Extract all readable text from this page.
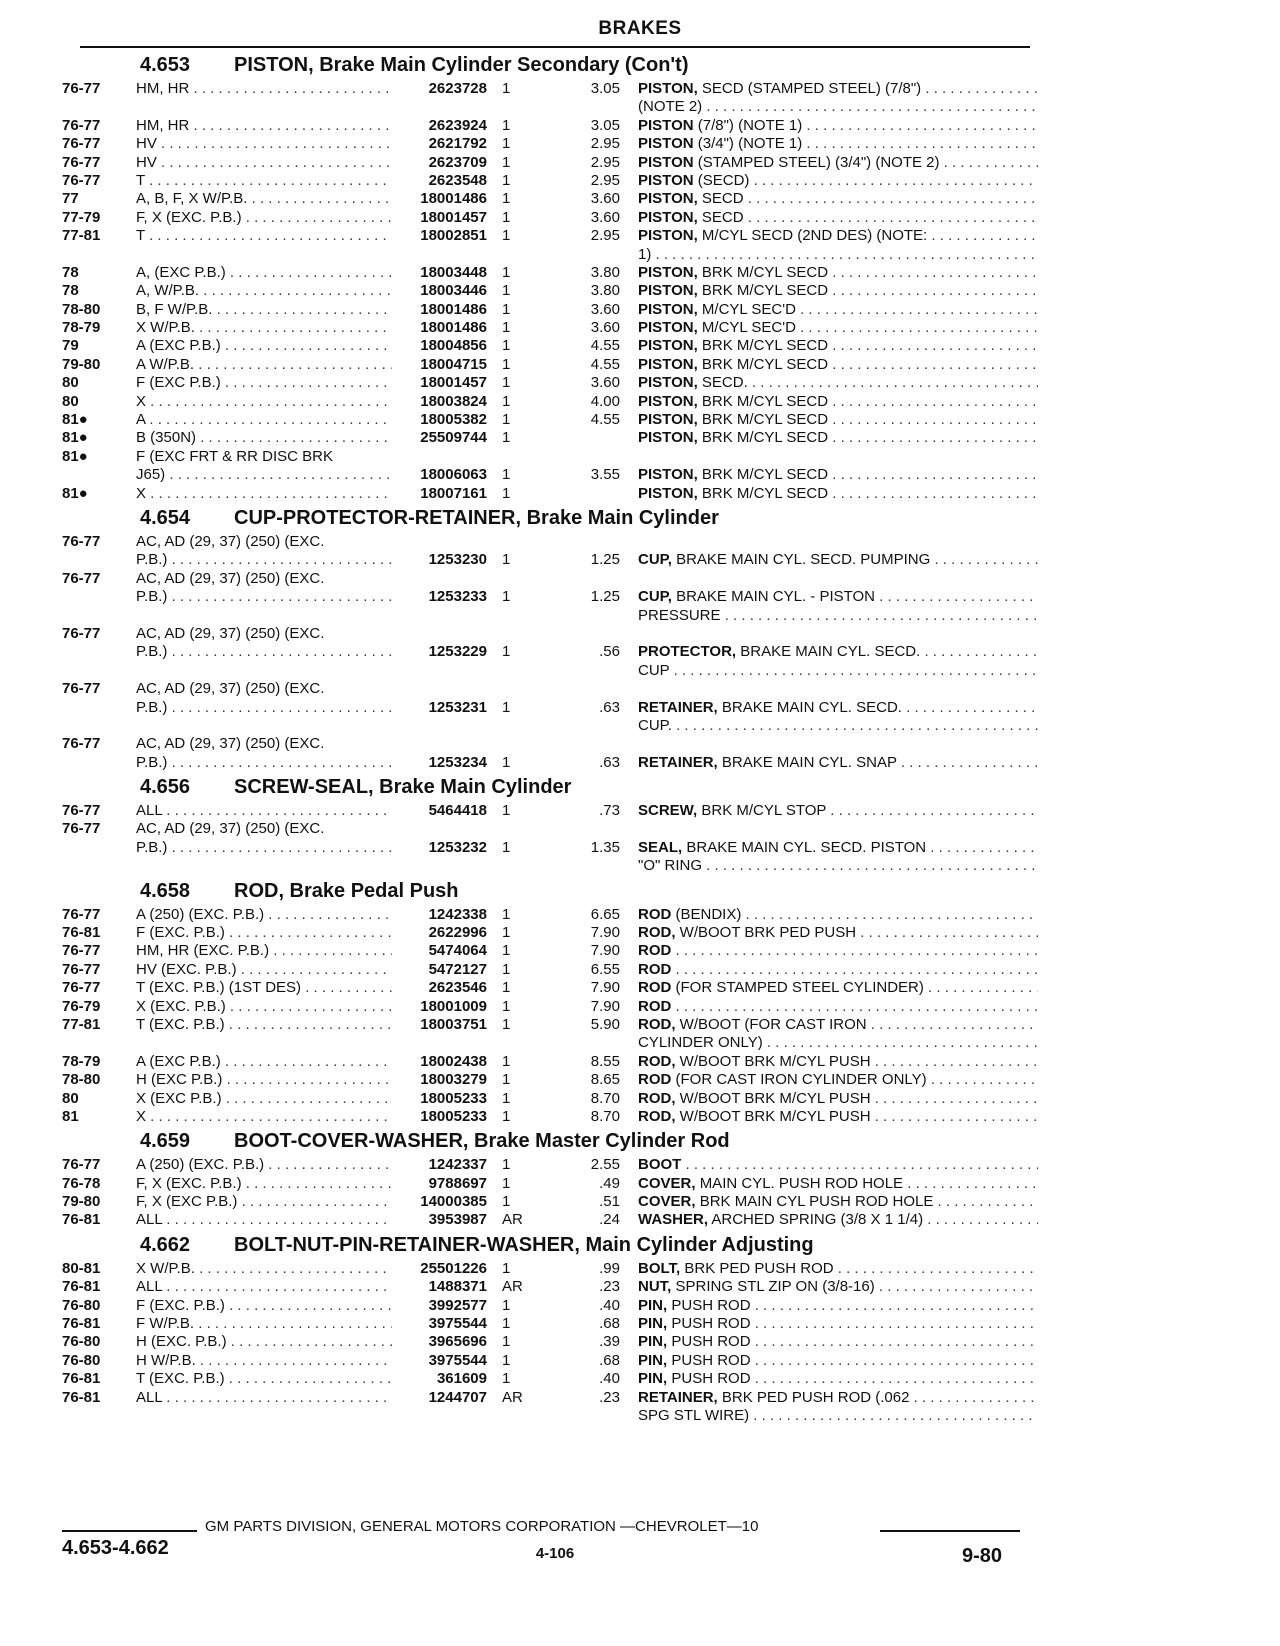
BRAKES
4.653 PISTON, Brake Main Cylinder Secondary (Con't)
76-77	HM, HR . . .	2623728 1	3.05 PISTON, SECD (STAMPED STEEL) (7/8") . . .
(NOTE 2) . . .
76-77	HM, HR . . .	2623924 1	3.05 PISTON (7/8") (NOTE 1) . . .
76-77	HV . . .	2621792 1	2.95 PISTON (3/4") (NOTE 1) . . .
76-77	HV . . .	2623709 1	2.95 PISTON (STAMPED STEEL) (3/4") (NOTE 2) . . .
76-77	T . . .	2623548 1	2.95 PISTON (SECD) . . .
77	A, B, F, X W/P.B. . . .	18001486 1	3.60 PISTON, SECD . . .
77-79	F, X (EXC. P.B.) . . .	18001457 1	3.60 PISTON, SECD . . .
77-81	T . . .	18002851 1	2.95 PISTON, M/CYL SECD (2ND DES) (NOTE: . . .
1) . . .
78	A, (EXC P.B.) . . .	18003448 1	3.80 PISTON, BRK M/CYL SECD . . .
78	A, W/P.B. . . .	18003446 1	3.80 PISTON, BRK M/CYL SECD . . .
78-80	B, F W/P.B. . . .	18001486 1	3.60 PISTON, M/CYL SEC'D . . .
78-79	X W/P.B. . . .	18001486 1	3.60 PISTON, M/CYL SEC'D . . .
79	A (EXC P.B.) . . .	18004856 1	4.55 PISTON, BRK M/CYL SECD . . .
79-80	A W/P.B. . . .	18004715 1	4.55 PISTON, BRK M/CYL SECD . . .
80	F (EXC P.B.) . . .	18001457 1	3.60 PISTON, SECD. . . .
80	X . . .	18003824 1	4.00 PISTON, BRK M/CYL SECD . . .
81●	A . . .	18005382 1	4.55 PISTON, BRK M/CYL SECD . . .
81●	B (350N) . . .	25509744 1	PISTON, BRK M/CYL SECD . . .
81●	F (EXC FRT & RR DISC BRK
J65) . . .	18006063 1	3.55 PISTON, BRK M/CYL SECD . . .
81●	X . . .	18007161 1	PISTON, BRK M/CYL SECD . . .
4.654 CUP-PROTECTOR-RETAINER, Brake Main Cylinder
76-77	AC, AD (29, 37) (250) (EXC.
P.B.) . . .	1253230 1	1.25 CUP, BRAKE MAIN CYL. SECD. PUMPING . . .
76-77	AC, AD (29, 37) (250) (EXC.
P.B.) . . .	1253233 1	1.25 CUP, BRAKE MAIN CYL. - PISTON . . .
PRESSURE . . .
76-77	AC, AD (29, 37) (250) (EXC.
P.B.) . . .	1253229 1	.56 PROTECTOR, BRAKE MAIN CYL. SECD. . . .
CUP . . .
76-77	AC, AD (29, 37) (250) (EXC.
P.B.) . . .	1253231 1	.63 RETAINER, BRAKE MAIN CYL. SECD. . . .
CUP. . . .
76-77	AC, AD (29, 37) (250) (EXC.
P.B.) . . .	1253234 1	.63 RETAINER, BRAKE MAIN CYL. SNAP . . .
4.656 SCREW-SEAL, Brake Main Cylinder
76-77	ALL . . .	5464418 1	.73 SCREW, BRK M/CYL STOP . . .
76-77	AC, AD (29, 37) (250) (EXC.
P.B.) . . .	1253232 1	1.35 SEAL, BRAKE MAIN CYL. SECD. PISTON . . .
"O" RING . . .
4.658 ROD, Brake Pedal Push
76-77	A (250) (EXC. P.B.) . . .	1242338 1	6.65 ROD (BENDIX) . . .
76-81	F (EXC. P.B.) . . .	2622996 1	7.90 ROD, W/BOOT BRK PED PUSH . . .
76-77	HM, HR (EXC. P.B.) . . .	5474064 1	7.90 ROD . . .
76-77	HV (EXC. P.B.) . . .	5472127 1	6.55 ROD . . .
76-77	T (EXC. P.B.) (1ST DES) . . .	2623546 1	7.90 ROD (FOR STAMPED STEEL CYLINDER) . . .
76-79	X (EXC. P.B.) . . .	18001009 1	7.90 ROD . . .
77-81	T (EXC. P.B.) . . .	18003751 1	5.90 ROD, W/BOOT (FOR CAST IRON . . .
CYLINDER ONLY) . . .
78-79	A (EXC P.B.) . . .	18002438 1	8.55 ROD, W/BOOT BRK M/CYL PUSH . . .
78-80	H (EXC P.B.) . . .	18003279 1	8.65 ROD (FOR CAST IRON CYLINDER ONLY) . . .
80	X (EXC P.B.) . . .	18005233 1	8.70 ROD, W/BOOT BRK M/CYL PUSH . . .
81	X . . .	18005233 1	8.70 ROD, W/BOOT BRK M/CYL PUSH . . .
4.659 BOOT-COVER-WASHER, Brake Master Cylinder Rod
76-77	A (250) (EXC. P.B.) . . .	1242337 1	2.55 BOOT . . .
76-78	F, X (EXC. P.B.) . . .	9788697 1	.49 COVER, MAIN CYL. PUSH ROD HOLE . . .
79-80	F, X (EXC P.B.) . . .	14000385 1	.51 COVER, BRK MAIN CYL PUSH ROD HOLE . . .
76-81	ALL . . .	3953987 AR	.24 WASHER, ARCHED SPRING (3/8 X 1 1/4) . . .
4.662 BOLT-NUT-PIN-RETAINER-WASHER, Main Cylinder Adjusting
80-81	X W/P.B. . . .	25501226 1	.99 BOLT, BRK PED PUSH ROD . . .
76-81	ALL . . .	1488371 AR	.23 NUT, SPRING STL ZIP ON (3/8-16) . . .
76-80	F (EXC. P.B.) . . .	3992577 1	.40 PIN, PUSH ROD . . .
76-81	F W/P.B. . . .	3975544 1	.68 PIN, PUSH ROD . . .
76-80	H (EXC. P.B.) . . .	3965696 1	.39 PIN, PUSH ROD . . .
76-80	H W/P.B. . . .	3975544 1	.68 PIN, PUSH ROD . . .
76-81	T (EXC. P.B.) . . .	361609 1	.40 PIN, PUSH ROD . . .
76-81	ALL . . .	1244707 AR	.23 RETAINER, BRK PED PUSH ROD (.062 . . .
SPG STL WIRE) . . .
GM PARTS DIVISION, GENERAL MOTORS CORPORATION —CHEVROLET—10
4.653-4.662	4-106	9-80
